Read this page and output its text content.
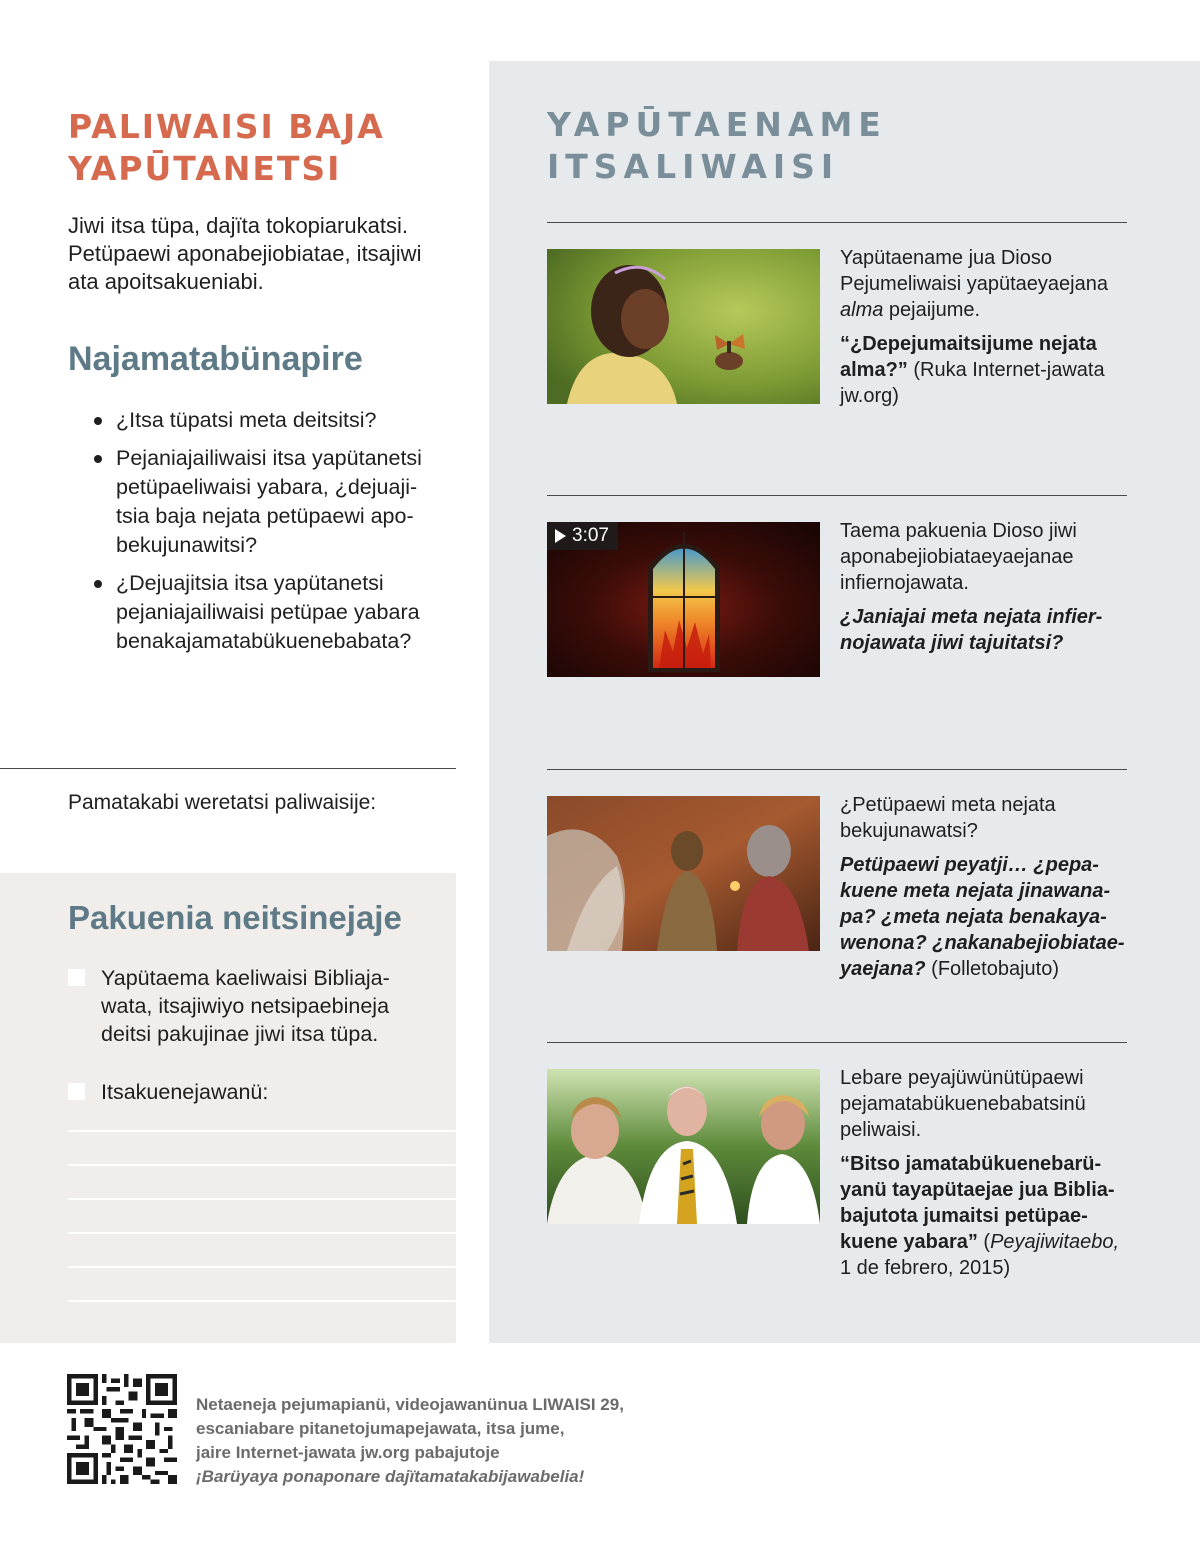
PALIWAISI BAJA
YAPŪTANETSI

Jiwi itsa tüpa, dajïta tokopiarukatsi.
Petüpaewi aponabejiobiatae, itsajiwi
ata apoitsakueniabi.

Najamatabünapire
¿Itsa tüpatsi meta deitsitsi?
Pejaniajailiwaisi itsa yapütanetsi
petüpaeliwaisi yabara, ¿dejuaji-
tsia baja nejata petüpaewi apo-
bekujunawitsi?
¿Dejuajitsia itsa yapütanetsi
pejaniajailiwaisi petüpae yabara
benakajamatabükuenebabata?

Pamatakabi weretatsi paliwaisije:

Pakuenia neitsinejaje
Yapütaema kaeliwaisi Bibliaja-
wata, itsajiwiyo netsipaebineja
deitsi pakujinae jiwi itsa tüpa.
Itsakuenejawanü:
YAPŪTAENAME
ITSALIWAISI

Yapütaename jua Dioso
Pejumeliwaisi yapütaeyaejana
alma pejaijume.

“¿Depejumaitsijume nejata
alma?” (Ruka Internet-jawata
jw.org)

3:07	Taema pakuenia Dioso jiwi
aponabejiobiataeyaejanae
infiernojawata.

¿Janiajai meta nejata infier-
nojawata jiwi tajuitatsi?

¿Petüpaewi meta nejata
bekujunawatsi?

Petüpaewi peyatji… ¿pepa-
kuene meta nejata jinawana-
pa? ¿meta nejata benakaya-
wenona? ¿nakanabejiobiatae-
yaejana? (Folletobajuto)

Lebare peyajüwünütüpaewi
pejamatabükuenebabatsinü
peliwaisi.

“Bitso jamatabükuenebarü-
yanü tayapütaejae jua Biblia-
bajutota jumaitsi petüpae-
kuene yabara” (Peyajiwitaebo,
1 de febrero, 2015)

Netaeneja pejumapianü, videojawanünua LIWAISI 29,
escaniabare pitanetojumapejawata, itsa jume,
jaire Internet-jawata jw.org pabajutoje
¡Barüyaya ponaponare dajïtamatakabijawabelia!
